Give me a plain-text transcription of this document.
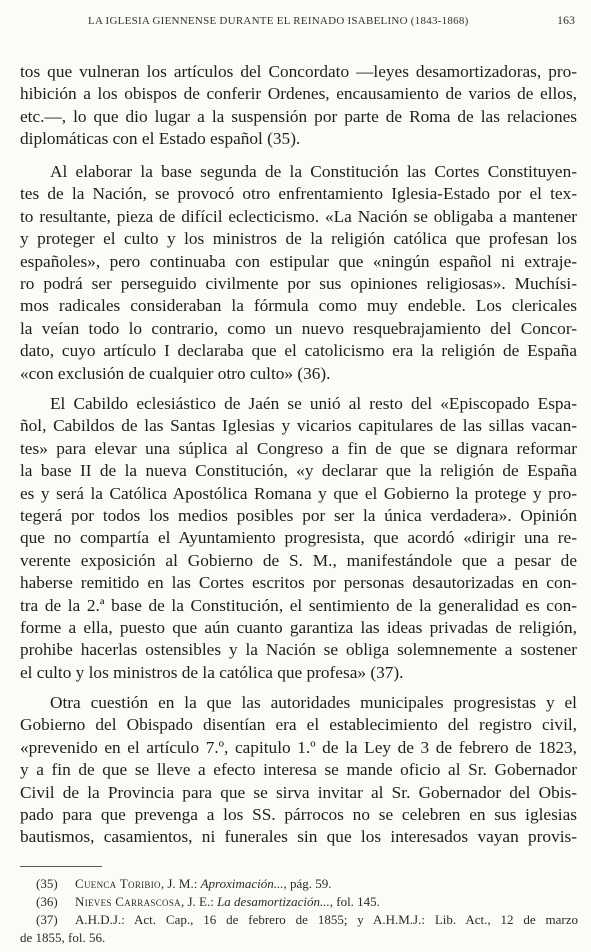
LA IGLESIA GIENNENSE DURANTE EL REINADO ISABELINO (1843-1868)	163
tos que vulneran los artículos del Concordato —leyes desamortizadoras, pro-
hibición a los obispos de conferir Ordenes, encausamiento de varios de ellos,
etc.—, lo que dio lugar a la suspensión por parte de Roma de las relaciones
diplomáticas con el Estado español (35).
Al elaborar la base segunda de la Constitución las Cortes Constituyen-
tes de la Nación, se provocó otro enfrentamiento Iglesia-Estado por el tex-
to resultante, pieza de difícil eclecticismo. «La Nación se obligaba a mantener
y proteger el culto y los ministros de la religión católica que profesan los
españoles», pero continuaba con estipular que «ningún español ni extraje-
ro podrá ser perseguido civilmente por sus opiniones religiosas». Muchísi-
mos radicales consideraban la fórmula como muy endeble. Los clericales
la veían todo lo contrario, como un nuevo resquebrajamiento del Concor-
dato, cuyo artículo I declaraba que el catolicismo era la religión de España
«con exclusión de cualquier otro culto» (36).
El Cabildo eclesiástico de Jaén se unió al resto del «Episcopado Espa-
ñol, Cabildos de las Santas Iglesias y vicarios capitulares de las sillas vacan-
tes» para elevar una súplica al Congreso a fin de que se dignara reformar
la base II de la nueva Constitución, «y declarar que la religión de España
es y será la Católica Apostólica Romana y que el Gobierno la protege y pro-
tegerá por todos los medios posibles por ser la única verdadera». Opinión
que no compartía el Ayuntamiento progresista, que acordó «dirigir una re-
verente exposición al Gobierno de S. M., manifestándole que a pesar de
haberse remitido en las Cortes escritos por personas desautorizadas en con-
tra de la 2.ª base de la Constitución, el sentimiento de la generalidad es con-
forme a ella, puesto que aún cuanto garantiza las ideas privadas de religión,
prohibe hacerlas ostensibles y la Nación se obliga solemnemente a sostener
el culto y los ministros de la católica que profesa» (37).
Otra cuestión en la que las autoridades municipales progresistas y el
Gobierno del Obispado disentían era el establecimiento del registro civil,
«prevenido en el artículo 7.º, capitulo 1.º de la Ley de 3 de febrero de 1823,
y a fin de que se lleve a efecto interesa se mande oficio al Sr. Gobernador
Civil de la Provincia para que se sirva invitar al Sr. Gobernador del Obis-
pado para que prevenga a los SS. párrocos no se celebren en sus iglesias
bautismos, casamientos, ni funerales sin que los interesados vayan provis-
(35) Cuenca Toribio, J. M.: Aproximación..., pág. 59.
(36) Nieves Carrascosa, J. E.: La desamortización..., fol. 145.
(37) A.H.D.J.: Act. Cap., 16 de febrero de 1855; y A.H.M.J.: Lib. Act., 12 de marzo
de 1855, fol. 56.
